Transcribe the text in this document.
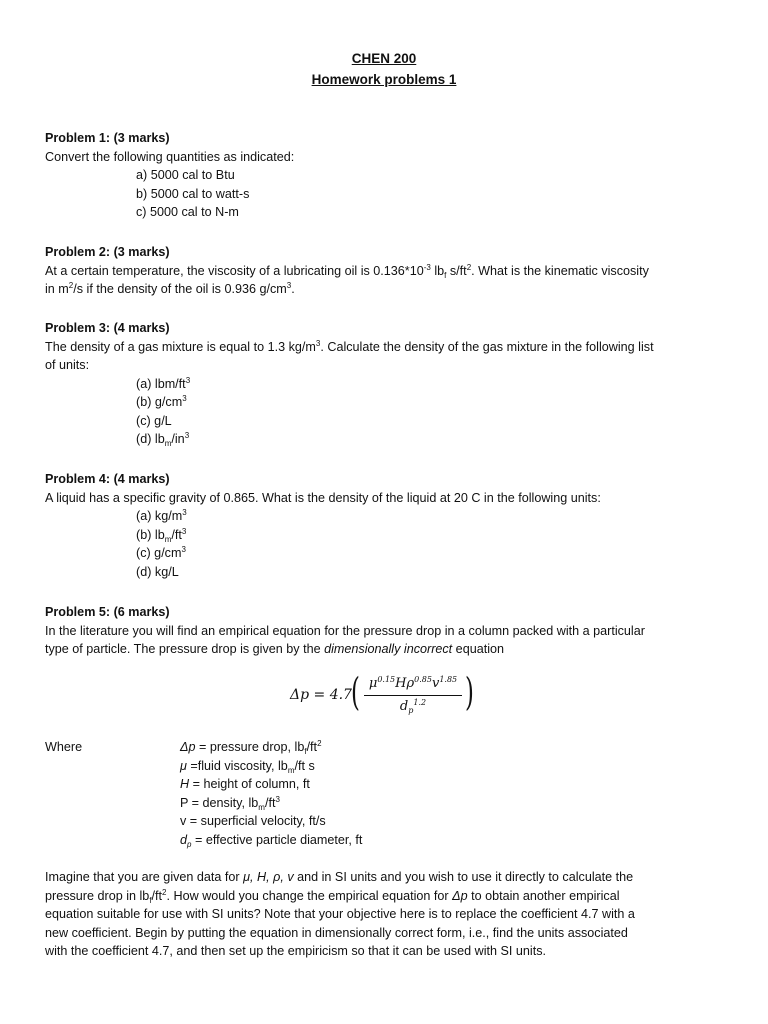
CHEN 200
Homework problems 1

Problem 1: (3 marks)

Convert the following quantities as indicated:

a) 5000 cal to Btu

b) 5000 cal to watt-s

c) 5000 cal to N-m

Problem 2: (3 marks)

At a certain temperature, the viscosity of a lubricating oil is $0.136*10^{-3}$ $lb_f$ $s/ft^2$. What is the kinematic viscosity

in $m^2/s$ if the density of the oil is 0.936 $g/cm^3$.

Problem 3: (4 marks)

The density of a gas mixture is equal to 1.3 $kg/m^3$. Calculate the density of the gas mixture in the following list

of units:

(a) lbm/$ft^3$

(b) $g/cm^3$

(c) g/L

(d) $lb_m/in^3$

Problem 4: (4 marks)

A liquid has a specific gravity of 0.865. What is the density of the liquid at 20 C in the following units:

(a) $kg/m^3$

(b) $lb_m/ft^3$

(c) $g/cm^3$

(d) kg/L

Problem 5: (6 marks)

In the literature you will find an empirical equation for the pressure drop in a column packed with a particular

type of particle. The pressure drop is given by the dimensionally incorrect equation

Δp = 4.7
( $\mu^{0.15}H\rho^{0.85}v^{1.85}$
$d_p^{1.2}$	)
Where	Δp = pressure drop, $lb_f/ft^2$

μ =fluid viscosity, $lb_m/ft$ s

H = height of column, ft

P = density, $lb_m/ft^3$

v = superficial velocity, ft/s

$d_p$ = effective particle diameter, ft

Imagine that you are given data for μ, H, ρ, v and in SI units and you wish to use it directly to calculate the

pressure drop in $lb_f/ft^2$. How would you change the empirical equation for Δp to obtain another empirical

equation suitable for use with SI units? Note that your objective here is to replace the coefficient 4.7 with a

new coefficient. Begin by putting the equation in dimensionally correct form, i.e., find the units associated

with the coefficient 4.7, and then set up the empiricism so that it can be used with SI units.
